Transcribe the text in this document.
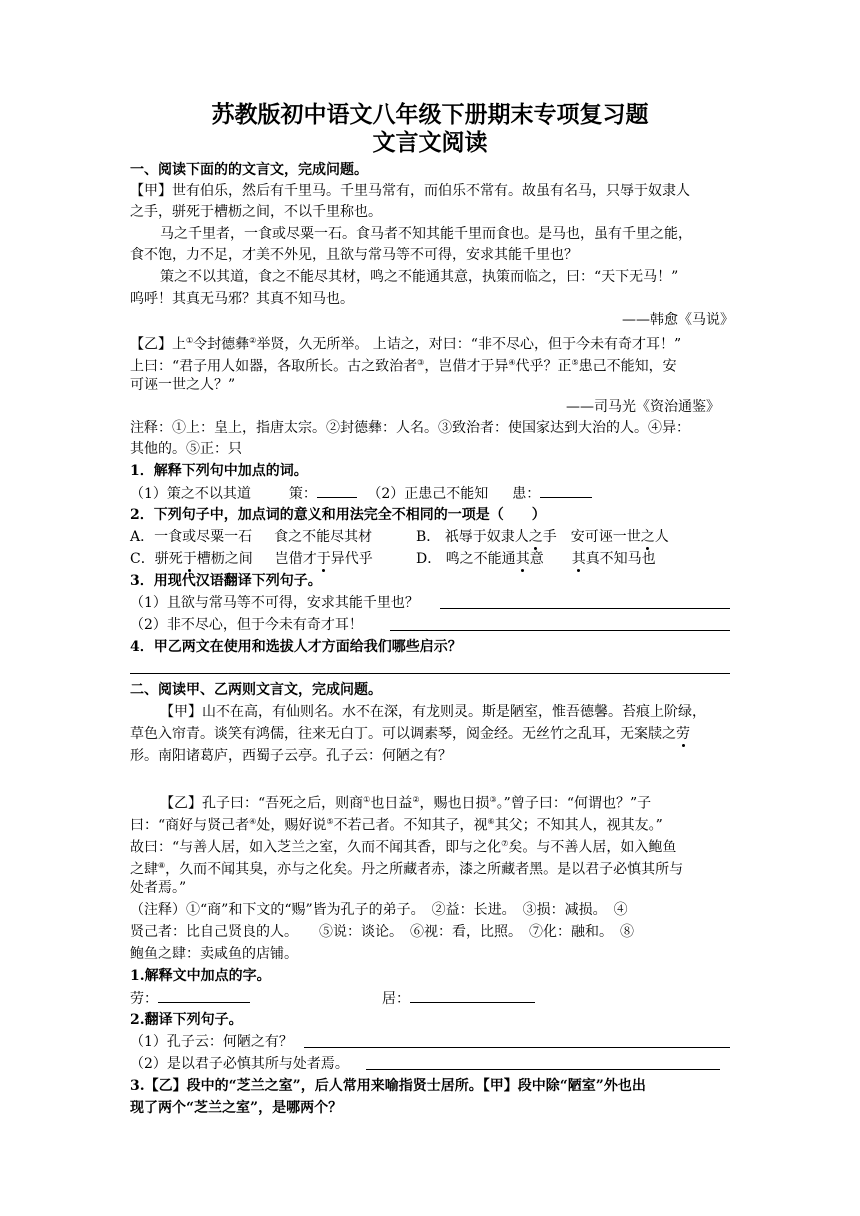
苏教版初中语文八年级下册期末专项复习题
文言文阅读
一、阅读下面的的文言文，完成问题。
【甲】世有伯乐，然后有千里马。千里马常有，而伯乐不常有。故虽有名马，只辱于奴隶人
之手，骈死于槽枥之间，不以千里称也。
马之千里者，一食或尽粟一石。食马者不知其能千里而食也。是马也，虽有千里之能，
食不饱，力不足，才美不外见，且欲与常马等不可得，安求其能千里也？
策之不以其道，食之不能尽其材，鸣之不能通其意，执策而临之，曰：“天下无马！”
呜呼！其真无马邪？其真不知马也。
——韩愈《马说》
【乙】上①令封德彝②举贤，久无所举。 上诘之，对曰：“非不尽心，但于今未有奇才耳！”
上曰：“君子用人如器，各取所长。古之致治者③，岂借才于异④代乎？正⑤患己不能知，安
可诬一世之人？”
——司马光《资治通鉴》
注释：①上：皇上，指唐太宗。②封德彝：人名。③致治者：使国家达到大治的人。④异：
其他的。⑤正：只
1．解释下列句中加点的词。
（1）策之不以其道	策：	（2）正患己不能知 患：
2．下列句子中，加点词的意义和用法完全不相同的一项是（　　）
A．一食或尽粟一石 食之不能尽其材	B． 祇辱于奴隶人之手 安可诬一世之人
C．骈死于槽枥之间 岂借才于异代乎	D． 鸣之不能通其意 其真不知马也
3．用现代汉语翻译下列句子。
（1）且欲与常马等不可得，安求其能千里也？
（2）非不尽心，但于今未有奇才耳！
4．甲乙两文在使用和选拔人才方面给我们哪些启示？
二、阅读甲、乙两则文言文，完成问题。
【甲】山不在高，有仙则名。水不在深，有龙则灵。斯是陋室，惟吾德馨。苔痕上阶绿，
草色入帘青。谈笑有鸿儒，往来无白丁。可以调素琴，阅金经。无丝竹之乱耳，无案牍之劳
形。南阳诸葛庐，西蜀子云亭。孔子云：何陋之有？
【乙】孔子曰：“吾死之后，则商①也日益②，赐也日损③。”曾子曰：“何谓也？”子
曰：“商好与贤己者④处，赐好说⑤不若己者。不知其子，视⑥其父；不知其人，视其友。”
故曰：“与善人居，如入芝兰之室，久而不闻其香，即与之化⑦矣。与不善人居，如入鲍鱼
之肆⑧，久而不闻其臭，亦与之化矣。丹之所藏者赤，漆之所藏者黑。是以君子必慎其所与
处者焉。”
（注释）①“商”和下文的“赐”皆为孔子的弟子。　②益：长进。　③损：减损。　④
贤己者：比自己贤良的人。　　⑤说：谈论。　⑥视：看，比照。　⑦化：融和。　⑧
鲍鱼之肆：卖咸鱼的店铺。
1.解释文中加点的字。
劳：	居：
2.翻译下列句子。
（1）孔子云：何陋之有？
（2）是以君子必慎其所与处者焉。
3.【乙】段中的“芝兰之室”，后人常用来喻指贤士居所。【甲】段中除“陋室”外也出
现了两个“芝兰之室”，是哪两个？
